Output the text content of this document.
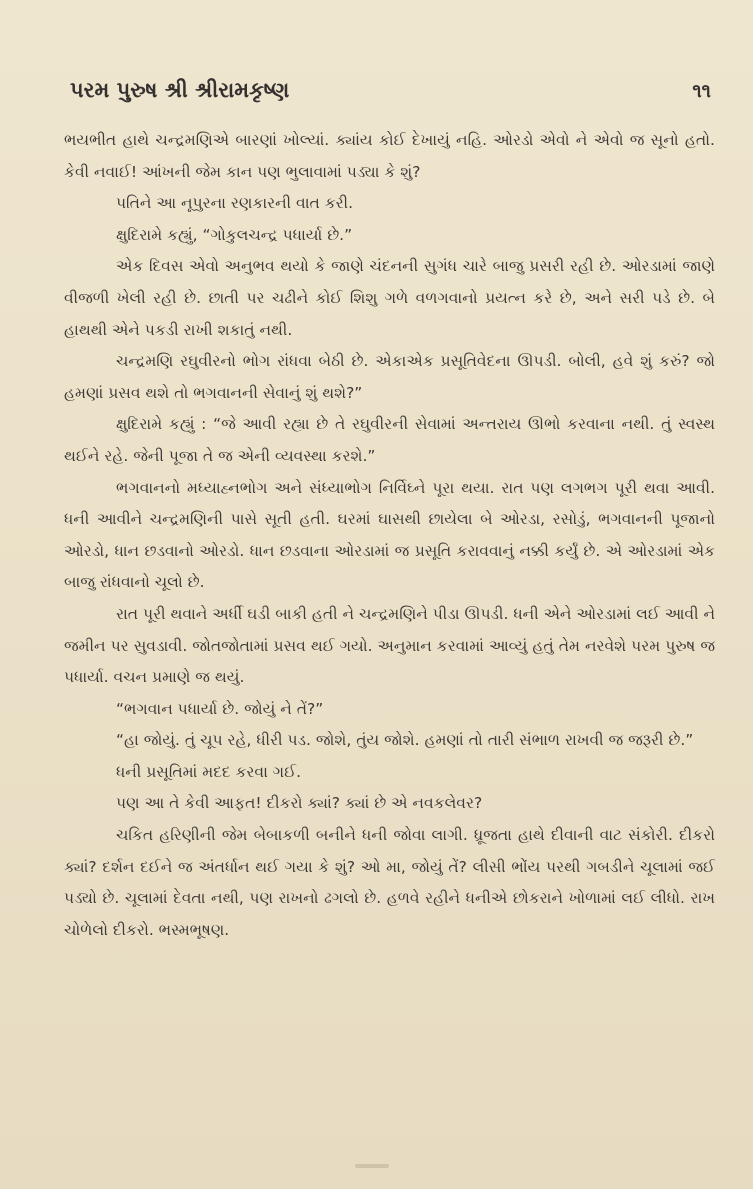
પરમ પુરુષ શ્રી શ્રીરામકૃષ્ણ	૧૧

ભયભીત હાથે ચન્દ્રમણિએ બારણાં ખોલ્યાં. ક્યાંય કોઈ દેખાયું નહિ. ઓરડો એવો ને એવો જ સૂનો હતો. કેવી નવાઈ! આંખની જેમ કાન પણ ભુલાવામાં પડ્યા કે શું?

પતિને આ નૂપુરના રણકારની વાત કરી.

ક્ષુદિરામે કહ્યું, “ગોકુલચન્દ્ર પધાર્યા છે.”

એક દિવસ એવો અનુભવ થયો કે જાણે ચંદનની સુગંધ ચારે બાજુ પ્રસરી રહી છે. ઓરડામાં જાણે વીજળી ખેલી રહી છે. છાતી પર ચઢીને કોઈ શિશુ ગળે વળગવાનો પ્રયત્ન કરે છે, અને સરી પડે છે. બે હાથથી એને પકડી રાખી શકાતું નથી.

ચન્દ્રમણિ રઘુવીરનો ભોગ રાંધવા બેઠી છે. એકાએક પ્રસૂતિવેદના ઊપડી. બોલી, હવે શું કરું? જો હમણાં પ્રસવ થશે તો ભગવાનની સેવાનું શું થશે?”

ક્ષુદિરામે કહ્યું : “જે આવી રહ્યા છે તે રઘુવીરની સેવામાં અન્તરાય ઊભો કરવાના નથી. તું સ્વસ્થ થઈને રહે. જેની પૂજા તે જ એની વ્યવસ્થા કરશે.”

ભગવાનનો મધ્યાહ્નભોગ અને સંધ્યાભોગ નિર્વિઘ્ને પૂરા થયા. રાત પણ લગભગ પૂરી થવા આવી. ધની આવીને ચન્દ્રમણિની પાસે સૂતી હતી. ઘરમાં ઘાસથી છાયેલા બે ઓરડા, રસોડું, ભગવાનની પૂજાનો ઓરડો, ધાન છડવાનો ઓરડો. ધાન છડવાના ઓરડામાં જ પ્રસૂતિ કરાવવાનું નક્કી કર્યું છે. એ ઓરડામાં એક બાજુ રાંધવાનો ચૂલો છે.

રાત પૂરી થવાને અર્ધી ઘડી બાકી હતી ને ચન્દ્રમણિને પીડા ઊપડી. ધની એને ઓરડામાં લઈ આવી ને જમીન પર સુવડાવી. જોતજોતામાં પ્રસવ થઈ ગયો. અનુમાન કરવામાં આવ્યું હતું તેમ નરવેશે પરમ પુરુષ જ પધાર્યા. વચન પ્રમાણે જ થયું.

“ભગવાન પધાર્યા છે. જોયું ને તેં?”

“હા જોયું. તું ચૂપ રહે, ધીરી પડ. જોશે, તુંય જોશે. હમણાં તો તારી સંભાળ રાખવી જ જરૂરી છે.”

ધની પ્રસૂતિમાં મદદ કરવા ગઈ.

પણ આ તે કેવી આફત! દીકરો ક્યાં? ક્યાં છે એ નવકલેવર?

ચકિત હરિણીની જેમ બેબાકળી બનીને ધની જોવા લાગી. ધ્રૂજતા હાથે દીવાની વાટ સંકોરી. દીકરો ક્યાં? દર્શન દઈને જ અંતર્ધાન થઈ ગયા કે શું? ઓ મા, જોયું તેં? લીસી ભોંય પરથી ગબડીને ચૂલામાં જઈ પડ્યો છે. ચૂલામાં દેવતા નથી, પણ રાખનો ઢગલો છે. હળવે રહીને ધનીએ છોકરાને ખોળામાં લઈ લીધો. રાખ ચોળેલો દીકરો. ભસ્મભૂષણ.
